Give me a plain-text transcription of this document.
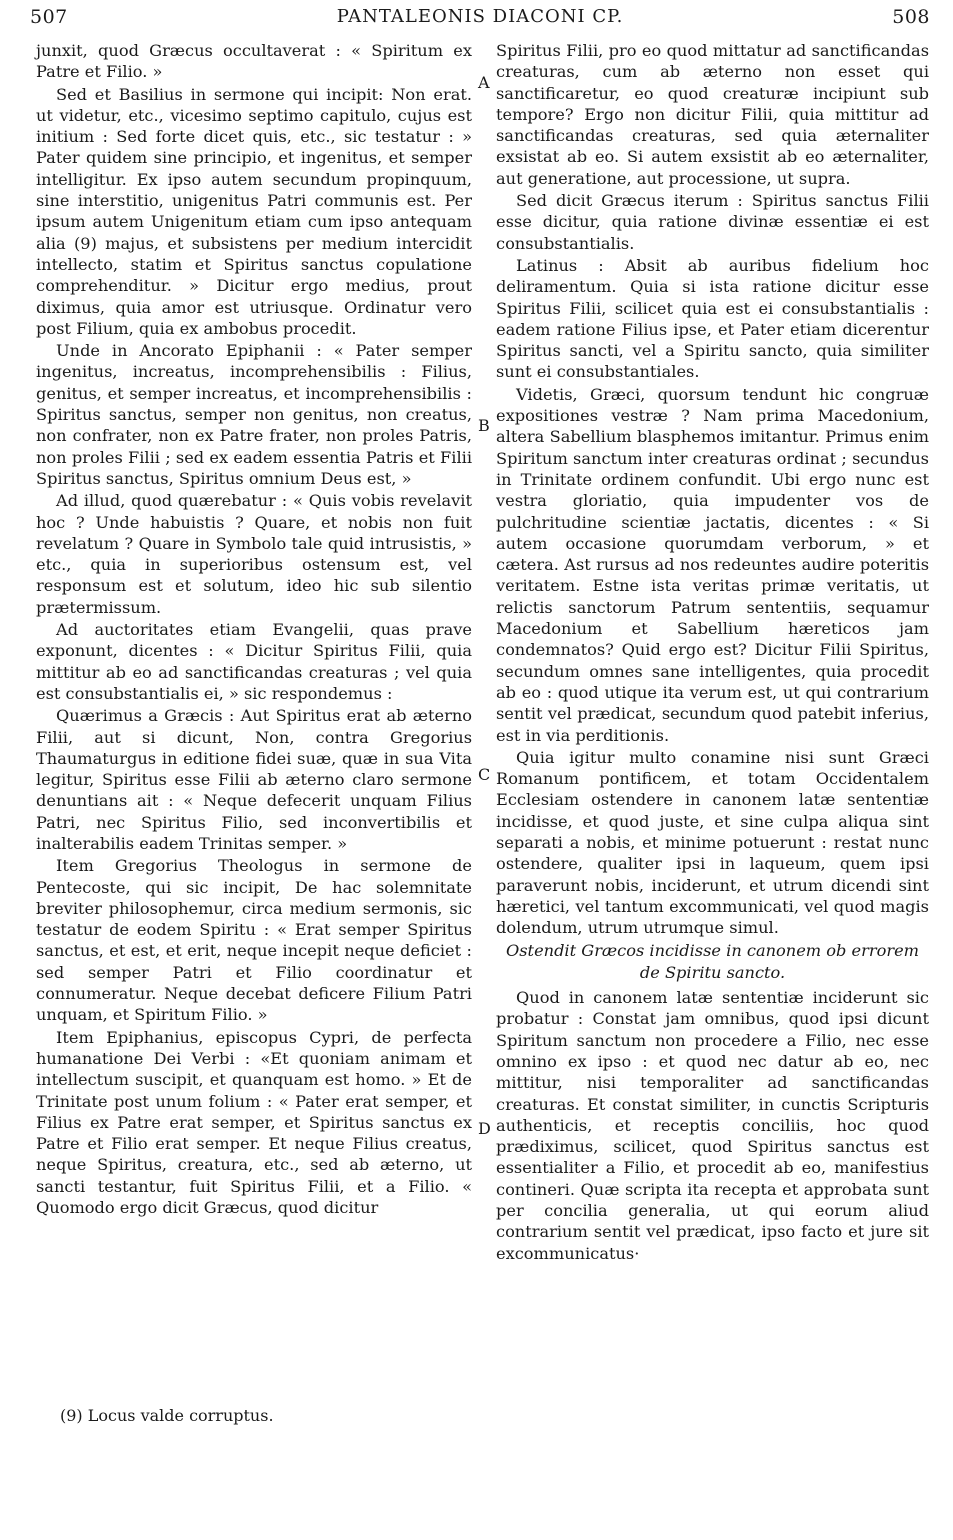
507	PANTALEONIS DIACONI CP.	508

junxit, quod Græcus occultaverat : « Spiritum ex Patre et Filio. »

Sed et Basilius in sermone qui incipit: Non erat. ut videtur, etc., vicesimo septimo capitulo, cujus est initium : Sed forte dicet quis, etc., sic testatur : » Pater quidem sine principio, et ingenitus, et semper intelligitur. Ex ipso autem secundum propinquum, sine interstitio, unigenitus Patri communis est. Per ipsum autem Unigenitum etiam cum ipso antequam alia (9) majus, et subsistens per medium intercidit intellecto, statim et Spiritus sanctus copulatione comprehenditur. » Dicitur ergo medius, prout diximus, quia amor est utriusque. Ordinatur vero post Filium, quia ex ambobus procedit.

Unde in Ancorato Epiphanii : « Pater semper ingenitus, increatus, incomprehensibilis : Filius, genitus, et semper increatus, et incomprehensibilis : Spiritus sanctus, semper non genitus, non creatus, non confrater, non ex Patre frater, non proles Patris, non proles Filii ; sed ex eadem essentia Patris et Filii Spiritus sanctus, Spiritus omnium Deus est, »

Ad illud, quod quærebatur : « Quis vobis revelavit hoc ? Unde habuistis ? Quare, et nobis non fuit revelatum ? Quare in Symbolo tale quid intrusistis, » etc., quia in superioribus ostensum est, vel responsum est et solutum, ideo hic sub silentio prætermissum.

Ad auctoritates etiam Evangelii, quas prave exponunt, dicentes : « Dicitur Spiritus Filii, quia mittitur ab eo ad sanctificandas creaturas ; vel quia est consubstantialis ei, » sic respondemus :

Quærimus a Græcis : Aut Spiritus erat ab æterno Filii, aut si dicunt, Non, contra Gregorius Thaumaturgus in editione fidei suæ, quæ in sua Vita legitur, Spiritus esse Filii ab æterno claro sermone denuntians ait : « Neque defecerit unquam Filius Patri, nec Spiritus Filio, sed inconvertibilis et inalterabilis eadem Trinitas semper. »

Item Gregorius Theologus in sermone de Pentecoste, qui sic incipit, De hac solemnitate breviter philosophemur, circa medium sermonis, sic testatur de eodem Spiritu : « Erat semper Spiritus sanctus, et est, et erit, neque incepit neque deficiet : sed semper Patri et Filio coordinatur et connumeratur. Neque decebat deficere Filium Patri unquam, et Spiritum Filio. »

Item Epiphanius, episcopus Cypri, de perfecta humanatione Dei Verbi : «Et quoniam animam et intellectum suscipit, et quanquam est homo. » Et de Trinitate post unum folium : « Pater erat semper, et Filius ex Patre erat semper, et Spiritus sanctus ex Patre et Filio erat semper. Et neque Filius creatus, neque Spiritus, creatura, etc., sed ab æterno, ut sancti testantur, fuit Spiritus Filii, et a Filio. « Quomodo ergo dicit Græcus, quod dicitur

A
B
C
D

Spiritus Filii, pro eo quod mittatur ad sanctificandas creaturas, cum ab æterno non esset qui sanctificaretur, eo quod creaturæ incipiunt sub tempore? Ergo non dicitur Filii, quia mittitur ad sanctificandas creaturas, sed quia æternaliter exsistat ab eo. Si autem exsistit ab eo æternaliter, aut generatione, aut processione, ut supra.

Sed dicit Græcus iterum : Spiritus sanctus Filii esse dicitur, quia ratione divinæ essentiæ ei est consubstantialis.

Latinus : Absit ab auribus fidelium hoc deliramentum. Quia si ista ratione dicitur esse Spiritus Filii, scilicet quia est ei consubstantialis : eadem ratione Filius ipse, et Pater etiam dicerentur Spiritus sancti, vel a Spiritu sancto, quia similiter sunt ei consubstantiales.

Videtis, Græci, quorsum tendunt hic congruæ expositiones vestræ ? Nam prima Macedonium, altera Sabellium blasphemos imitantur. Primus enim Spiritum sanctum inter creaturas ordinat ; secundus in Trinitate ordinem confundit. Ubi ergo nunc est vestra gloriatio, quia impudenter vos de pulchritudine scientiæ jactatis, dicentes : « Si autem occasione quorumdam verborum, » et cætera. Ast rursus ad nos redeuntes audire poteritis veritatem. Estne ista veritas primæ veritatis, ut relictis sanctorum Patrum sententiis, sequamur Macedonium et Sabellium hæreticos jam condemnatos? Quid ergo est? Dicitur Filii Spiritus, secundum omnes sane intelligentes, quia procedit ab eo : quod utique ita verum est, ut qui contrarium sentit vel prædicat, secundum quod patebit inferius, est in via perditionis.

Quia igitur multo conamine nisi sunt Græci Romanum pontificem, et totam Occidentalem Ecclesiam ostendere in canonem latæ sententiæ incidisse, et quod juste, et sine culpa aliqua sint separati a nobis, et minime potuerunt : restat nunc ostendere, qualiter ipsi in laqueum, quem ipsi paraverunt nobis, inciderunt, et utrum dicendi sint hæretici, vel tantum excommunicati, vel quod magis dolendum, utrum utrumque simul.

Ostendit Græcos incidisse in canonem ob errorem de Spiritu sancto.

Quod in canonem latæ sententiæ inciderunt sic probatur : Constat jam omnibus, quod ipsi dicunt Spiritum sanctum non procedere a Filio, nec esse omnino ex ipso : et quod nec datur ab eo, nec mittitur, nisi temporaliter ad sanctificandas creaturas. Et constat similiter, in cunctis Scripturis authenticis, et receptis conciliis, hoc quod prædiximus, scilicet, quod Spiritus sanctus est essentialiter a Filio, et procedit ab eo, manifestius contineri. Quæ scripta ita recepta et approbata sunt per concilia generalia, ut qui eorum aliud contrarium sentit vel prædicat, ipso facto et jure sit excommunicatus·

(9) Locus valde corruptus.
